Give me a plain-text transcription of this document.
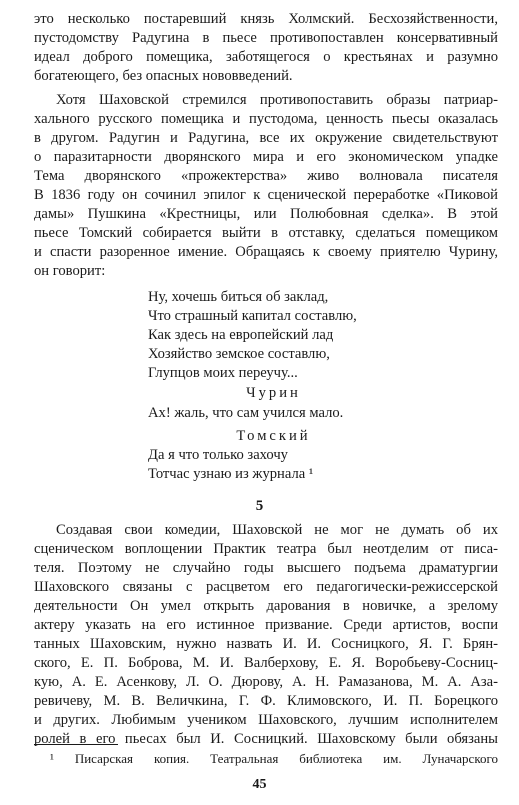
это несколько постаревший князь Холмский. Бесхозяйственности,
пустодомству Радугина в пьесе противопоставлен консервативный
идеал доброго помещика, заботящегося о крестьянах и разумно
богатеющего, без опасных нововведений.
Хотя Шаховской стремился противопоставить образы патриар-
хального русского помещика и пустодома, ценность пьесы оказалась
в другом. Радугин и Радугина, все их окружение свидетельствуют
о паразитарности дворянского мира и его экономическом упадке
Тема дворянского «прожектерства» живо волновала писателя
В 1836 году он сочинил эпилог к сценической переработке «Пиковой
дамы» Пушкина «Крестницы, или Полюбовная сделка». В этой
пьесе Томский собирается выйти в отставку, сделаться помещиком
и спасти разоренное имение. Обращаясь к своему приятелю Чурину,
он говорит:
Ну, хочешь биться об заклад,
Что страшный капитал составлю,
Как здесь на европейский лад
Хозяйство земское составлю,
Глупцов моих переучу...
Чурин
Ах! жаль, что сам учился мало.
Томский
Да я что только захочу
Тотчас узнаю из журнала ¹
5
Создавая свои комедии, Шаховской не мог не думать об их
сценическом воплощении Практик театра был неотделим от писа-
теля. Поэтому не случайно годы высшего подъема драматургии
Шаховского связаны с расцветом его педагогически-режиссерской
деятельности Он умел открыть дарования в новичке, а зрелому
актеру указать на его истинное призвание. Среди артистов, воспи
танных Шаховским, нужно назвать И. И. Сосницкого, Я. Г. Брян-
ского, Е. П. Боброва, М. И. Валберхову, Е. Я. Воробьеву-Сосниц-
кую, А. Е. Асенкову, Л. О. Дюрову, А. Н. Рамазанова, М. А. Аза-
ревичеву, М. В. Величкина, Г. Ф. Климовского, И. П. Борецкого
и других. Любимым учеником Шаховского, лучшим исполнителем
ролей в его пьесах был И. Сосницкий. Шаховскому были обязаны
¹ Писарская копия. Театральная библиотека им. Луначарского
45
